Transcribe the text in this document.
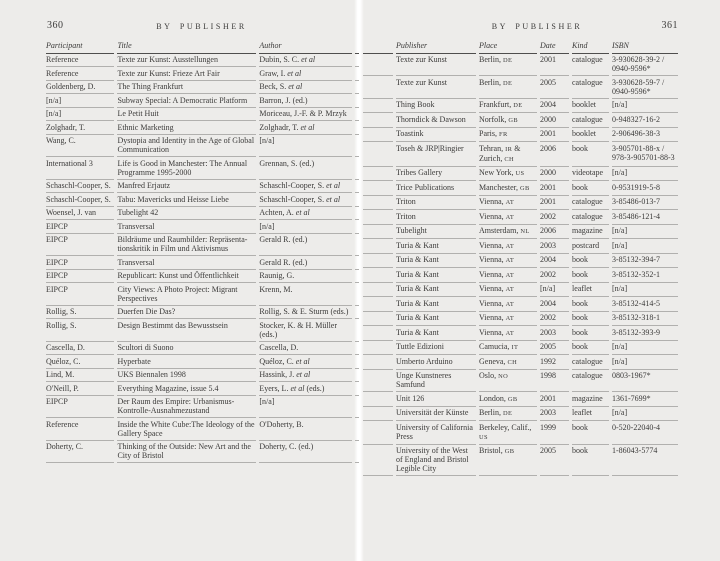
360	BY PUBLISHER	BY PUBLISHER	361
Participant	Title	Author	
Reference	Texte zur Kunst: Ausstellungen	Dubin, S. C. et al	
Reference	Texte zur Kunst: Frieze Art Fair	Graw, I. et al	
Goldenberg, D.	The Thing Frankfurt	Beck, S. et al	
[n/a]	Subway Special: A Democratic Platform	Barron, J. (ed.)	
[n/a]	Le Petit Huit	Moriceau, J.-F. & P. Mrzyk	
Zolghadr, T.	Ethnic Marketing	Zolghadr, T. et al	
Wang, C.	Dystopia and Identity in the Age of Global Communication	[n/a]	
International 3	Life is Good in Manchester: The Annual Programme 1995-2000	Grennan, S. (ed.)	
Schaschl-Cooper, S.	Manfred Erjautz	Schaschl-Cooper, S. et al	
Schaschl-Cooper, S.	Tabu: Mavericks und Heisse Liebe	Schaschl-Cooper, S. et al	
Woensel, J. van	Tubelight 42	Achten, A. et al	
EIPCP	Transversal	[n/a]	
EIPCP	Bildräume und Raumbilder: Repräsentationskritik in Film und Aktivismus	Gerald R. (ed.)	
EIPCP	Transversal	Gerald R. (ed.)	
EIPCP	Republicart: Kunst und Öffentlichkeit	Raunig, G.	
EIPCP	City Views: A Photo Project: Migrant Perspectives	Krenn, M.	
Rollig, S.	Duerfen Die Das?	Rollig, S. & E. Sturm (eds.)	
Rollig, S.	Design Bestimmt das Bewusstsein	Stocker, K. & H. Müller (eds.)	
Cascella, D.	Scultori di Suono	Cascella, D.	
Quéloz, C.	Hyperbate	Quéloz, C. et al	
Lind, M.	UKS Biennalen 1998	Hassink, J. et al	
O'Neill, P.	Everything Magazine, issue 5.4	Eyers, L. et al (eds.)	
EIPCP	Der Raum des Empire: Urbanismus-Kontrolle-Ausnahmezustand	[n/a]	
Reference	Inside the White Cube:The Ideology of the Gallery Space	O'Doherty, B.	
Doherty, C.	Thinking of the Outside: New Art and the City of Bristol	Doherty, C. (ed.)	
	Publisher	Place	Date	Kind	ISBN
	Texte zur Kunst	Berlin, DE	2001	catalogue	3-930628-39-2 / 0940-9596*
	Texte zur Kunst	Berlin, DE	2005	catalogue	3-930628-59-7 / 0940-9596*
	Thing Book	Frankfurt, DE	2004	booklet	[n/a]
	Thorndick & Dawson	Norfolk, GB	2000	catalogue	0-948327-16-2
	Toastink	Paris, FR	2001	booklet	2-906496-38-3
	Toseh & JRP|Ringier	Tehran, IR & Zurich, CH	2006	book	3-905701-88-x / 978-3-905701-88-3
	Tribes Gallery	New York, US	2000	videotape	[n/a]
	Trice Publications	Manchester, GB	2001	book	0-9531919-5-8
	Triton	Vienna, AT	2001	catalogue	3-85486-013-7
	Triton	Vienna, AT	2002	catalogue	3-85486-121-4
	Tubelight	Amsterdam, NL	2006	magazine	[n/a]
	Turia & Kant	Vienna, AT	2003	postcard	[n/a]
	Turia & Kant	Vienna, AT	2004	book	3-85132-394-7
	Turia & Kant	Vienna, AT	2002	book	3-85132-352-1
	Turia & Kant	Vienna, AT	[n/a]	leaflet	[n/a]
	Turia & Kant	Vienna, AT	2004	book	3-85132-414-5
	Turia & Kant	Vienna, AT	2002	book	3-85132-318-1
	Turia & Kant	Vienna, AT	2003	book	3-85132-393-9
	Tuttle Edizioni	Camucia, IT	2005	book	[n/a]
	Umberto Arduino	Geneva, CH	1992	catalogue	[n/a]
	Unge Kunstneres Samfund	Oslo, NO	1998	catalogue	0803-1967*
	Unit 126	London, GB	2001	magazine	1361-7699*
	Universität der Künste	Berlin, DE	2003	leaflet	[n/a]
	University of California Press	Berkeley, Calif., US	1999	book	0-520-22040-4
	University of the West of England and Bristol Legible City	Bristol, GB	2005	book	1-86043-5774
